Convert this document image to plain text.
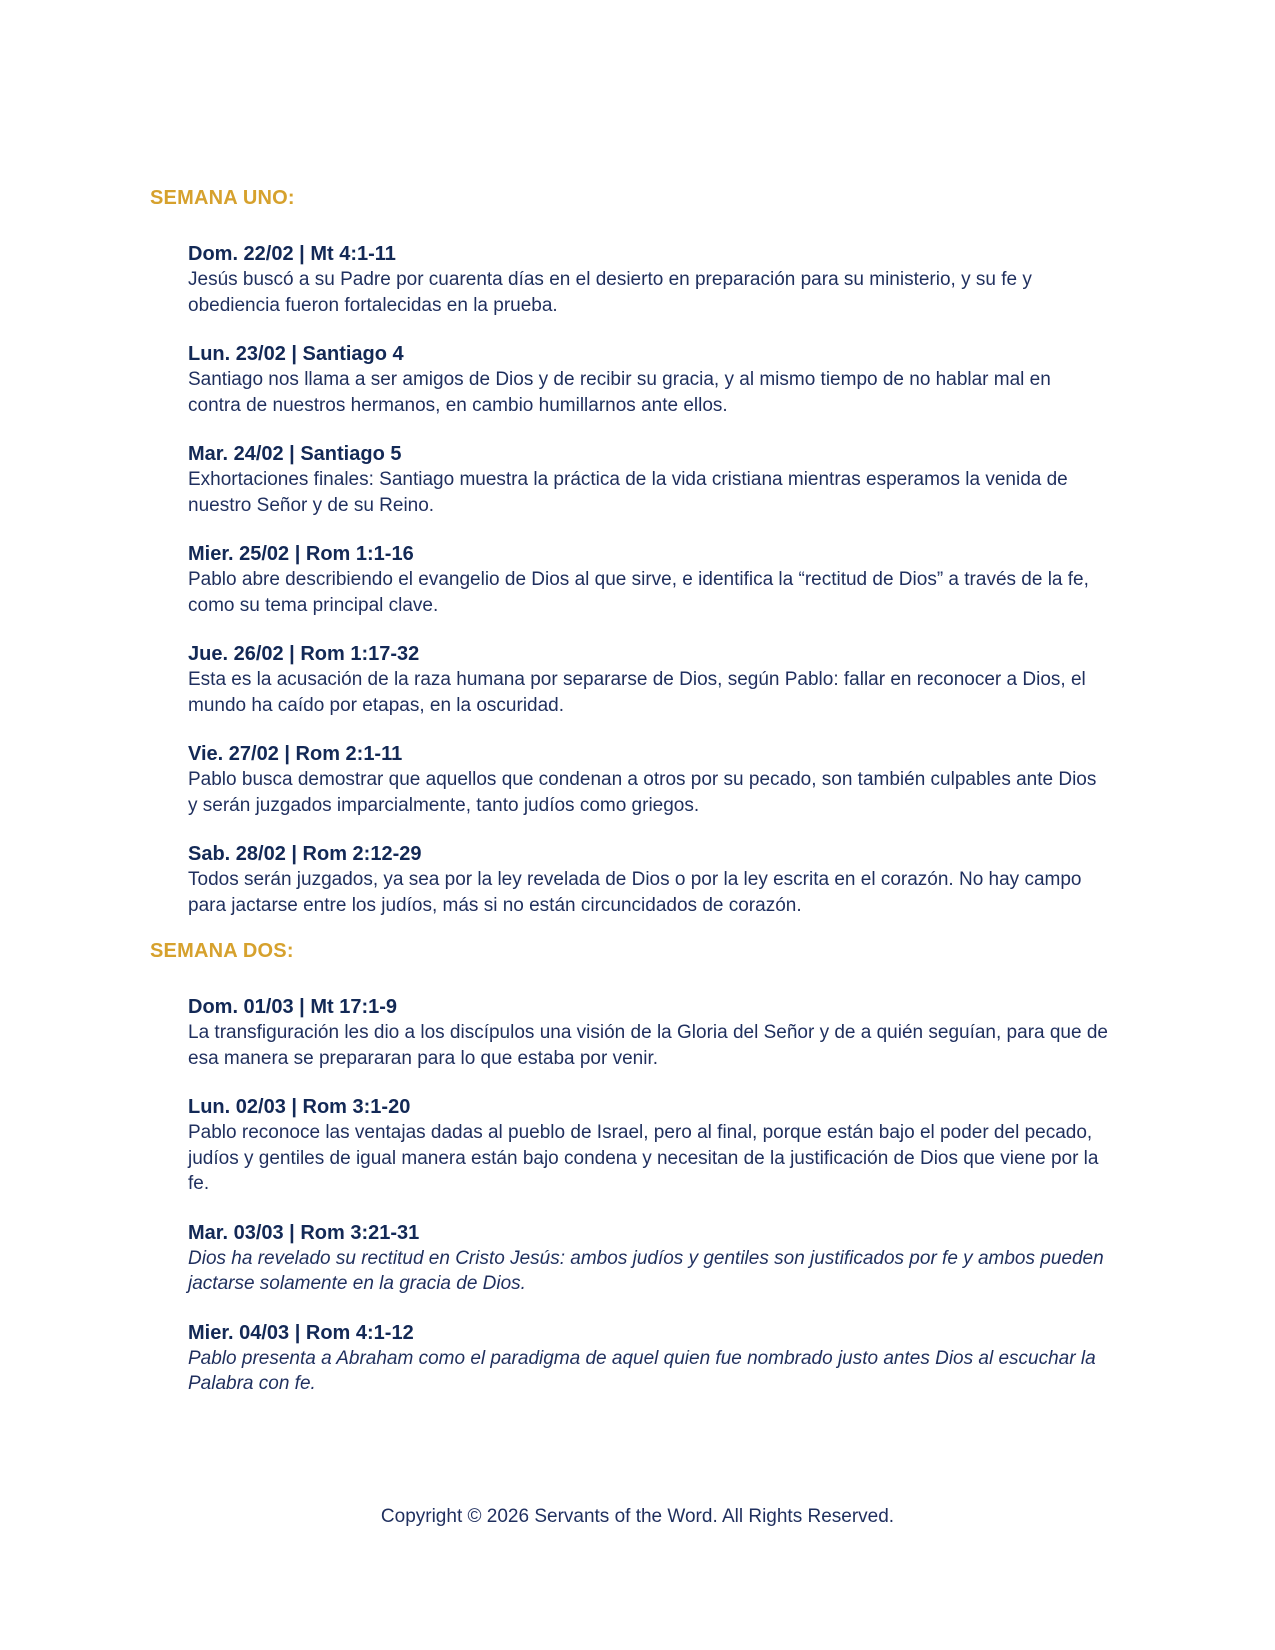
SEMANA UNO:
Dom. 22/02 | Mt 4:1-11
Jesús buscó a su Padre por cuarenta días en el desierto en preparación para su ministerio, y su fe y obediencia fueron fortalecidas en la prueba.
Lun. 23/02 | Santiago 4
Santiago nos llama a ser amigos de Dios y de recibir su gracia, y al mismo tiempo de no hablar mal en contra de nuestros hermanos, en cambio humillarnos ante ellos.
Mar. 24/02 | Santiago 5
Exhortaciones finales: Santiago muestra la práctica de la vida cristiana mientras esperamos la venida de nuestro Señor y de su Reino.
Mier. 25/02 | Rom 1:1-16
Pablo abre describiendo el evangelio de Dios al que sirve, e identifica la “rectitud de Dios” a través de la fe, como su tema principal clave.
Jue. 26/02 | Rom 1:17-32
Esta es la acusación de la raza humana por separarse de Dios, según Pablo: fallar en reconocer a Dios, el mundo ha caído por etapas, en la oscuridad.
Vie. 27/02 | Rom 2:1-11
Pablo busca demostrar que aquellos que condenan a otros por su pecado, son también culpables ante Dios y serán juzgados imparcialmente, tanto judíos como griegos.
Sab. 28/02 | Rom 2:12-29
Todos serán juzgados, ya sea por la ley revelada de Dios o por la ley escrita en el corazón. No hay campo para jactarse entre los judíos, más si no están circuncidados de corazón.
SEMANA DOS:
Dom. 01/03 | Mt 17:1-9
La transfiguración les dio a los discípulos una visión de la Gloria del Señor y de a quién seguían, para que de esa manera se prepararan para lo que estaba por venir.
Lun. 02/03 | Rom 3:1-20
Pablo reconoce las ventajas dadas al pueblo de Israel, pero al final, porque están bajo el poder del pecado, judíos y gentiles de igual manera están bajo condena y necesitan de la justificación de Dios que viene por la fe.
Mar. 03/03 | Rom 3:21-31
Dios ha revelado su rectitud en Cristo Jesús: ambos judíos y gentiles son justificados por fe y ambos pueden jactarse solamente en la gracia de Dios.
Mier. 04/03 | Rom 4:1-12
Pablo presenta a Abraham como el paradigma de aquel quien fue nombrado justo antes Dios al escuchar la Palabra con fe.
Copyright © 2026 Servants of the Word. All Rights Reserved.
